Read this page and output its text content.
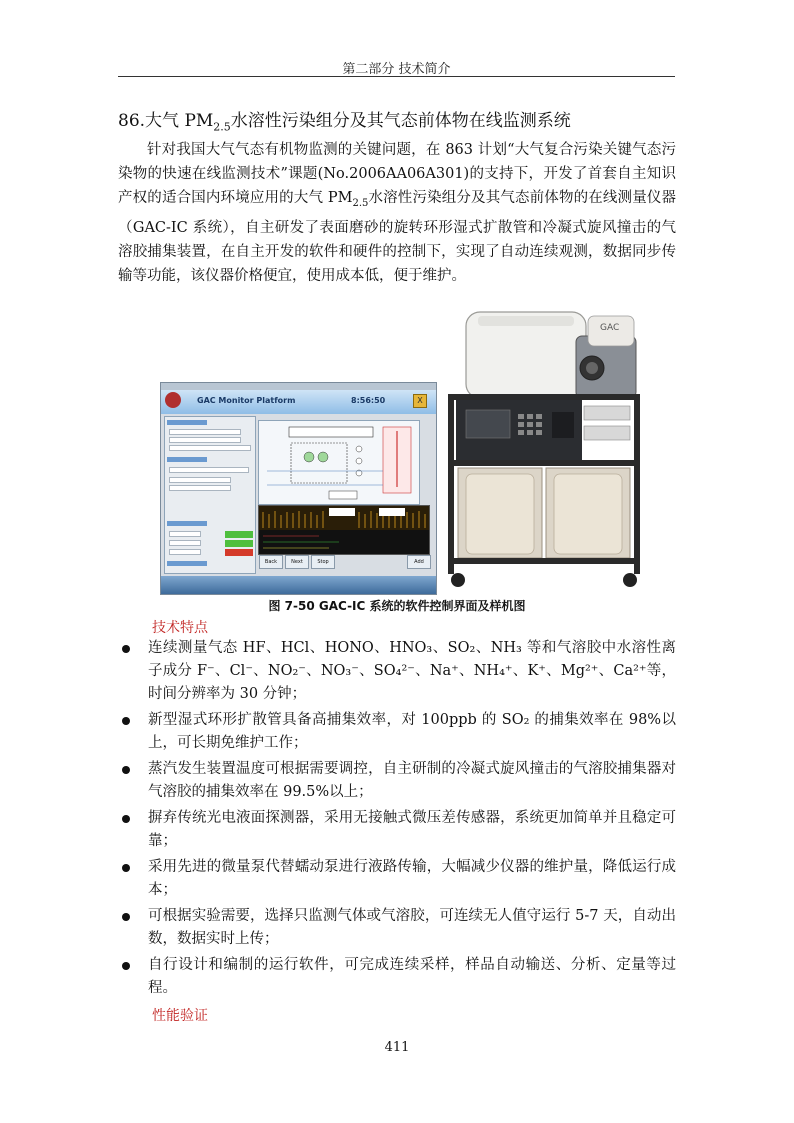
第二部分 技术简介
86.大气 $PM_{2.5}$水溶性污染组分及其气态前体物在线监测系统
针对我国大气气态有机物监测的关键问题，在 863 计划“大气复合污染关键气态污染物的快速在线监测技术”课题(No.2006AA06A301)的支持下，开发了首套自主知识产权的适合国内环境应用的大气 $PM_{2.5}$水溶性污染组分及其气态前体物的在线测量仪器（GAC-IC 系统），自主研发了表面磨砂的旋转环形湿式扩散管和冷凝式旋风撞击的气溶胶捕集装置，在自主开发的软件和硬件的控制下，实现了自动连续观测，数据同步传输等功能，该仪器价格便宜，使用成本低，便于维护。
GAC Monitor Platform	8:56:50	X
Back	Next	Stop	Add
GAC
图 7-50 GAC-IC 系统的软件控制界面及样机图
技术特点
连续测量气态 HF、HCl、HONO、HNO₃、SO₂、NH₃ 等和气溶胶中水溶性离子成分 F⁻、Cl⁻、NO₂⁻、NO₃⁻、SO₄²⁻、Na⁺、NH₄⁺、K⁺、Mg²⁺、Ca²⁺等，时间分辨率为 30 分钟；
新型湿式环形扩散管具备高捕集效率，对 100ppb 的 SO₂ 的捕集效率在 98%以上，可长期免维护工作；
蒸汽发生装置温度可根据需要调控，自主研制的冷凝式旋风撞击的气溶胶捕集器对气溶胶的捕集效率在 99.5%以上；
摒弃传统光电液面探测器，采用无接触式微压差传感器，系统更加简单并且稳定可靠；
采用先进的微量泵代替蠕动泵进行液路传输，大幅减少仪器的维护量，降低运行成本；
可根据实验需要，选择只监测气体或气溶胶，可连续无人值守运行 5-7 天，自动出数，数据实时上传；
自行设计和编制的运行软件，可完成连续采样，样品自动输送、分析、定量等过程。
性能验证
411
